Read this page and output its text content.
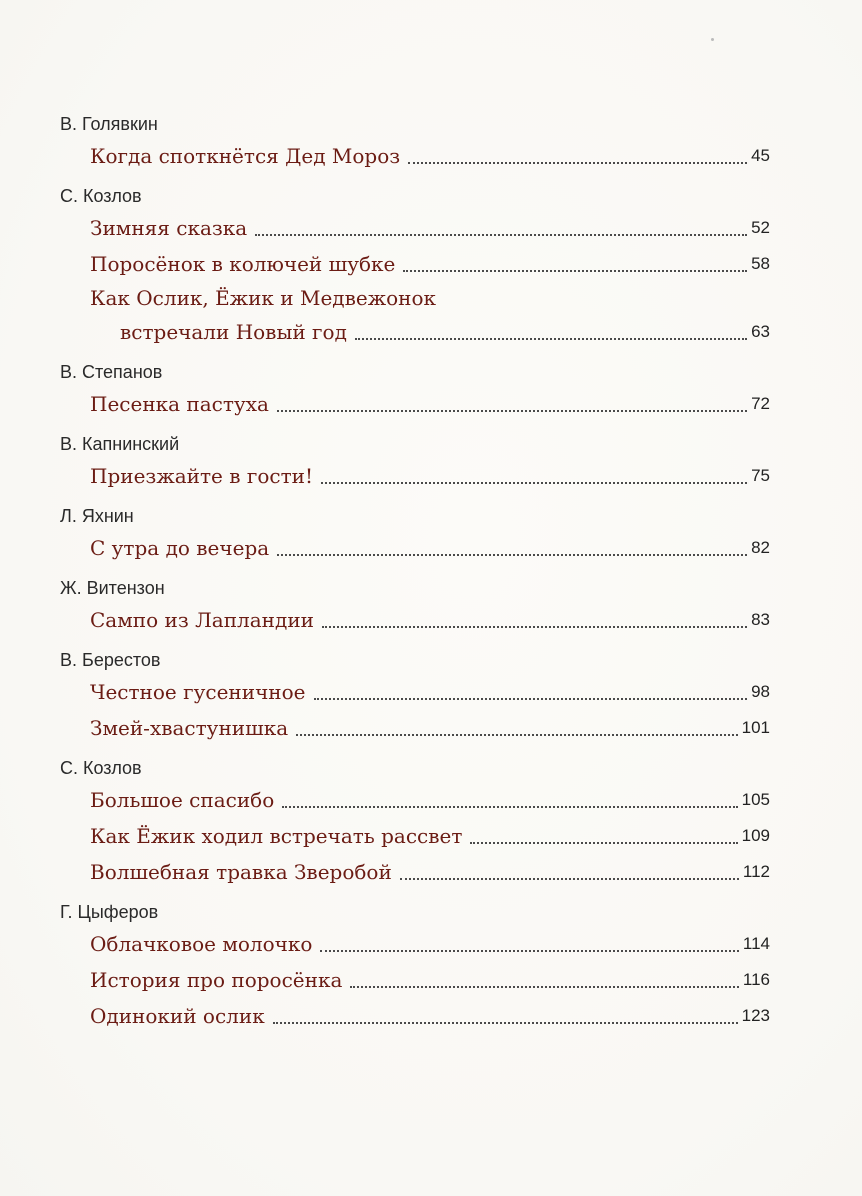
В. Голявкин
Когда споткнётся Дед Мороз	45
С. Козлов
Зимняя сказка	52
Поросёнок в колючей шубке	58
Как Ослик, Ёжик и Медвежонок
встречали Новый год	63
В. Степанов
Песенка пастуха	72
В. Капнинский
Приезжайте в гости!	75
Л. Яхнин
С утра до вечера	82
Ж. Витензон
Сампо из Лапландии	83
В. Берестов
Честное гусеничное	98
Змей-хвастунишка	101
С. Козлов
Большое спасибо	105
Как Ёжик ходил встречать рассвет	109
Волшебная травка Зверобой	112
Г. Цыферов
Облачковое молочко	114
История про поросёнка	116
Одинокий ослик	123
